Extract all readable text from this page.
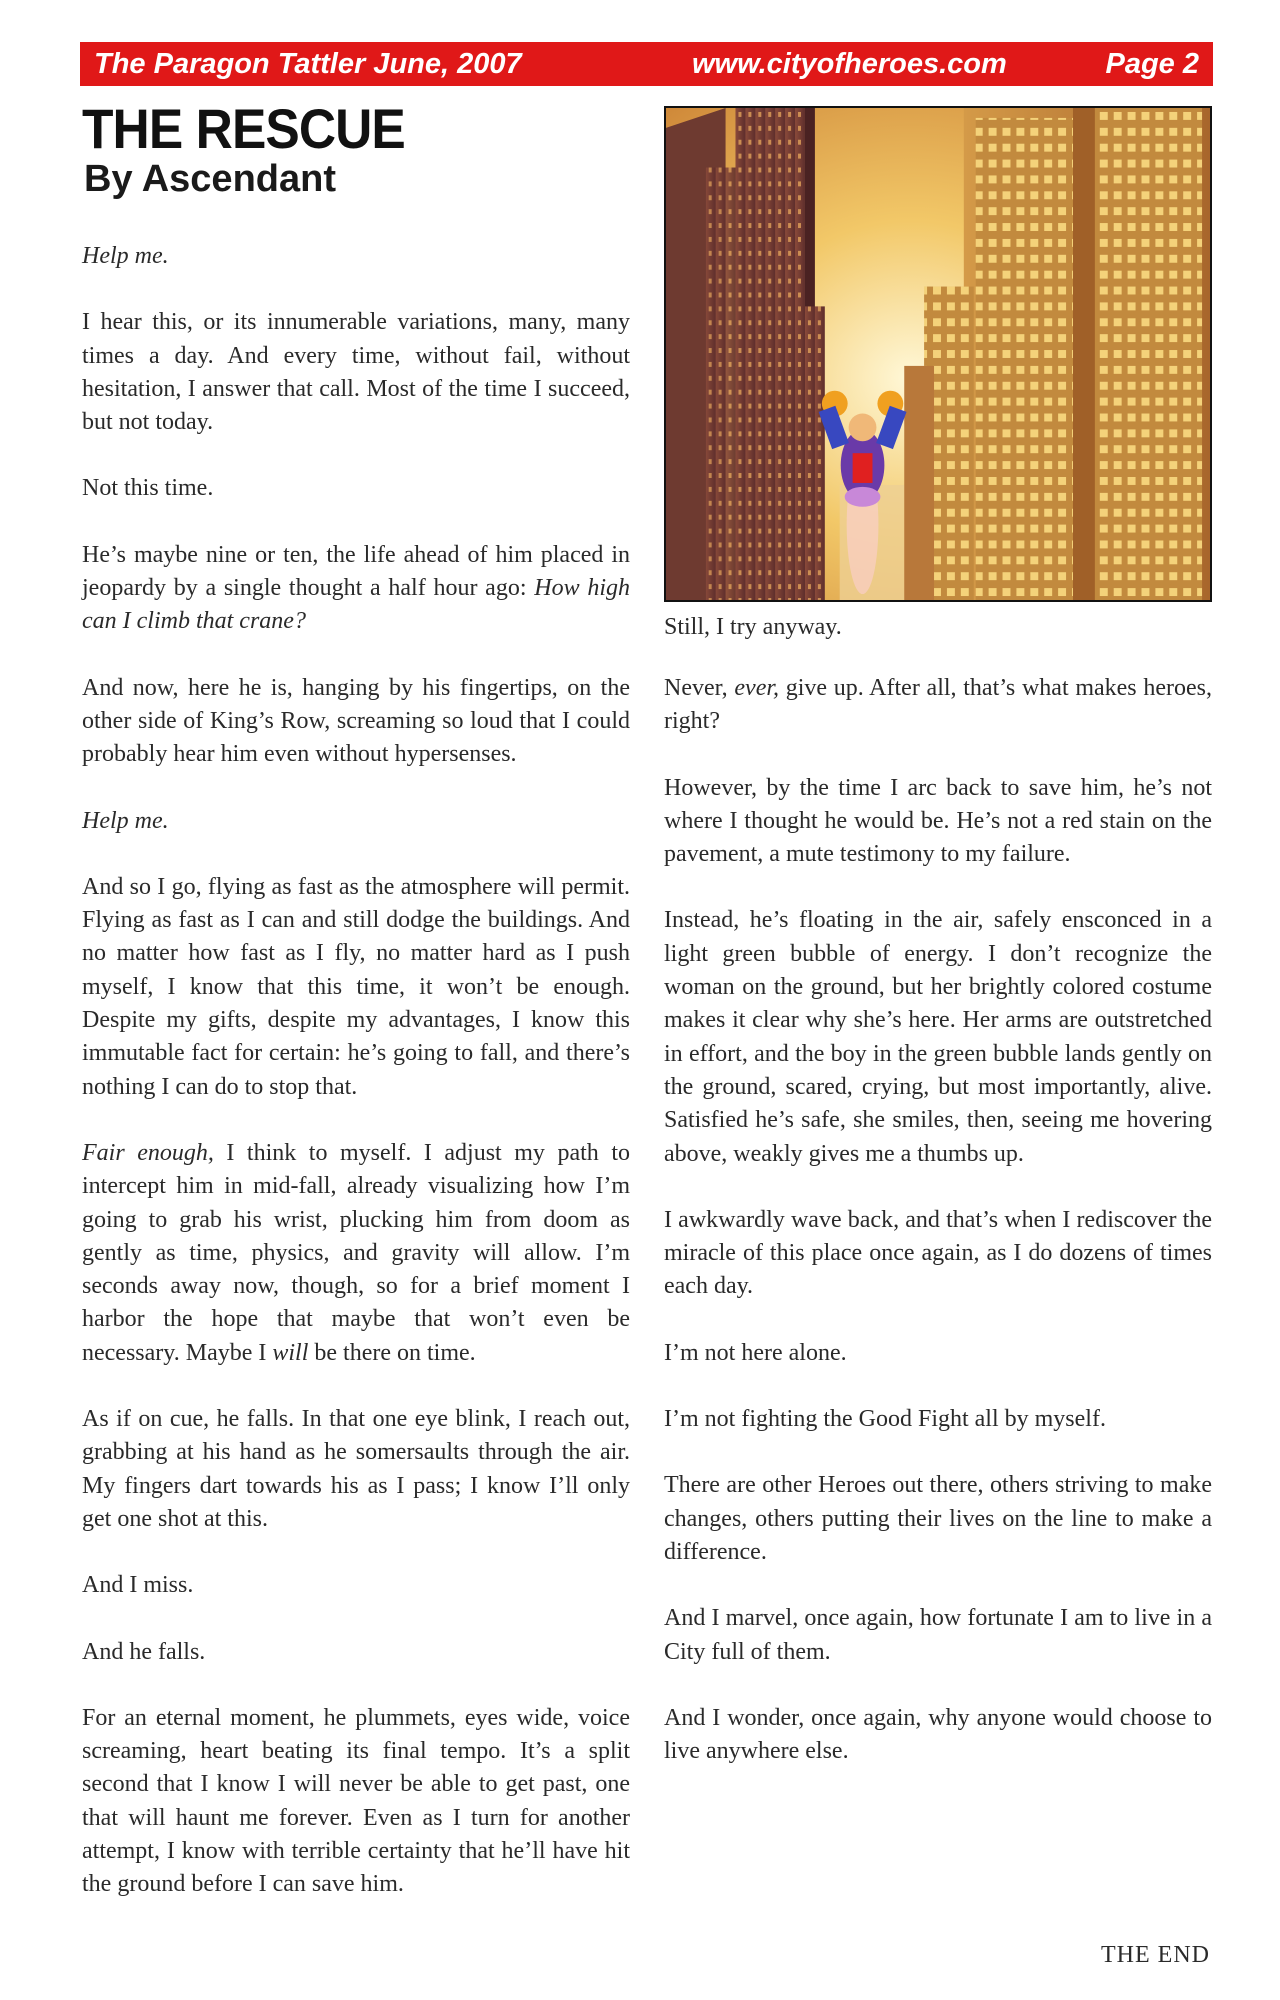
The Paragon Tattler June, 2007	www.cityofheroes.com	Page 2
THE RESCUE
By Ascendant

Help me.

I hear this, or its innumerable variations, many, many times a day. And every time, without fail, without hesitation, I answer that call. Most of the time I succeed, but not today.

Not this time.

He’s maybe nine or ten, the life ahead of him placed in jeopardy by a single thought a half hour ago: How high can I climb that crane?

And now, here he is, hanging by his fingertips, on the other side of King’s Row, screaming so loud that I could probably hear him even without hypersenses.

Help me.

And so I go, flying as fast as the atmosphere will permit. Flying as fast as I can and still dodge the buildings. And no matter how fast as I fly, no matter hard as I push myself, I know that this time, it won’t be enough. Despite my gifts, despite my advantages, I know this immutable fact for certain: he’s going to fall, and there’s nothing I can do to stop that.

Fair enough, I think to myself. I adjust my path to intercept him in mid-fall, already visualizing how I’m going to grab his wrist, plucking him from doom as gently as time, physics, and gravity will allow. I’m seconds away now, though, so for a brief moment I harbor the hope that maybe that won’t even be necessary. Maybe I will be there on time.

As if on cue, he falls. In that one eye blink, I reach out, grabbing at his hand as he somersaults through the air. My fingers dart towards his as I pass; I know I’ll only get one shot at this.

And I miss.

And he falls.

For an eternal moment, he plummets, eyes wide, voice screaming, heart beating its final tempo. It’s a split second that I know I will never be able to get past, one that will haunt me forever. Even as I turn for another attempt, I know with terrible certainty that he’ll have hit the ground before I can save him.

Still, I try anyway.

Never, ever, give up. After all, that’s what makes heroes, right?

However, by the time I arc back to save him, he’s not where I thought he would be. He’s not a red stain on the pavement, a mute testimony to my failure.

Instead, he’s floating in the air, safely ensconced in a light green bubble of energy. I don’t recognize the woman on the ground, but her brightly colored costume makes it clear why she’s here. Her arms are outstretched in effort, and the boy in the green bubble lands gently on the ground, scared, crying, but most importantly, alive. Satisfied he’s safe, she smiles, then, seeing me hovering above, weakly gives me a thumbs up.

I awkwardly wave back, and that’s when I rediscover the miracle of this place once again, as I do dozens of times each day.

I’m not here alone.

I’m not fighting the Good Fight all by myself.

There are other Heroes out there, others striving to make changes, others putting their lives on the line to make a difference.

And I marvel, once again, how fortunate I am to live in a City full of them.

And I wonder, once again, why anyone would choose to live anywhere else.

THE END
